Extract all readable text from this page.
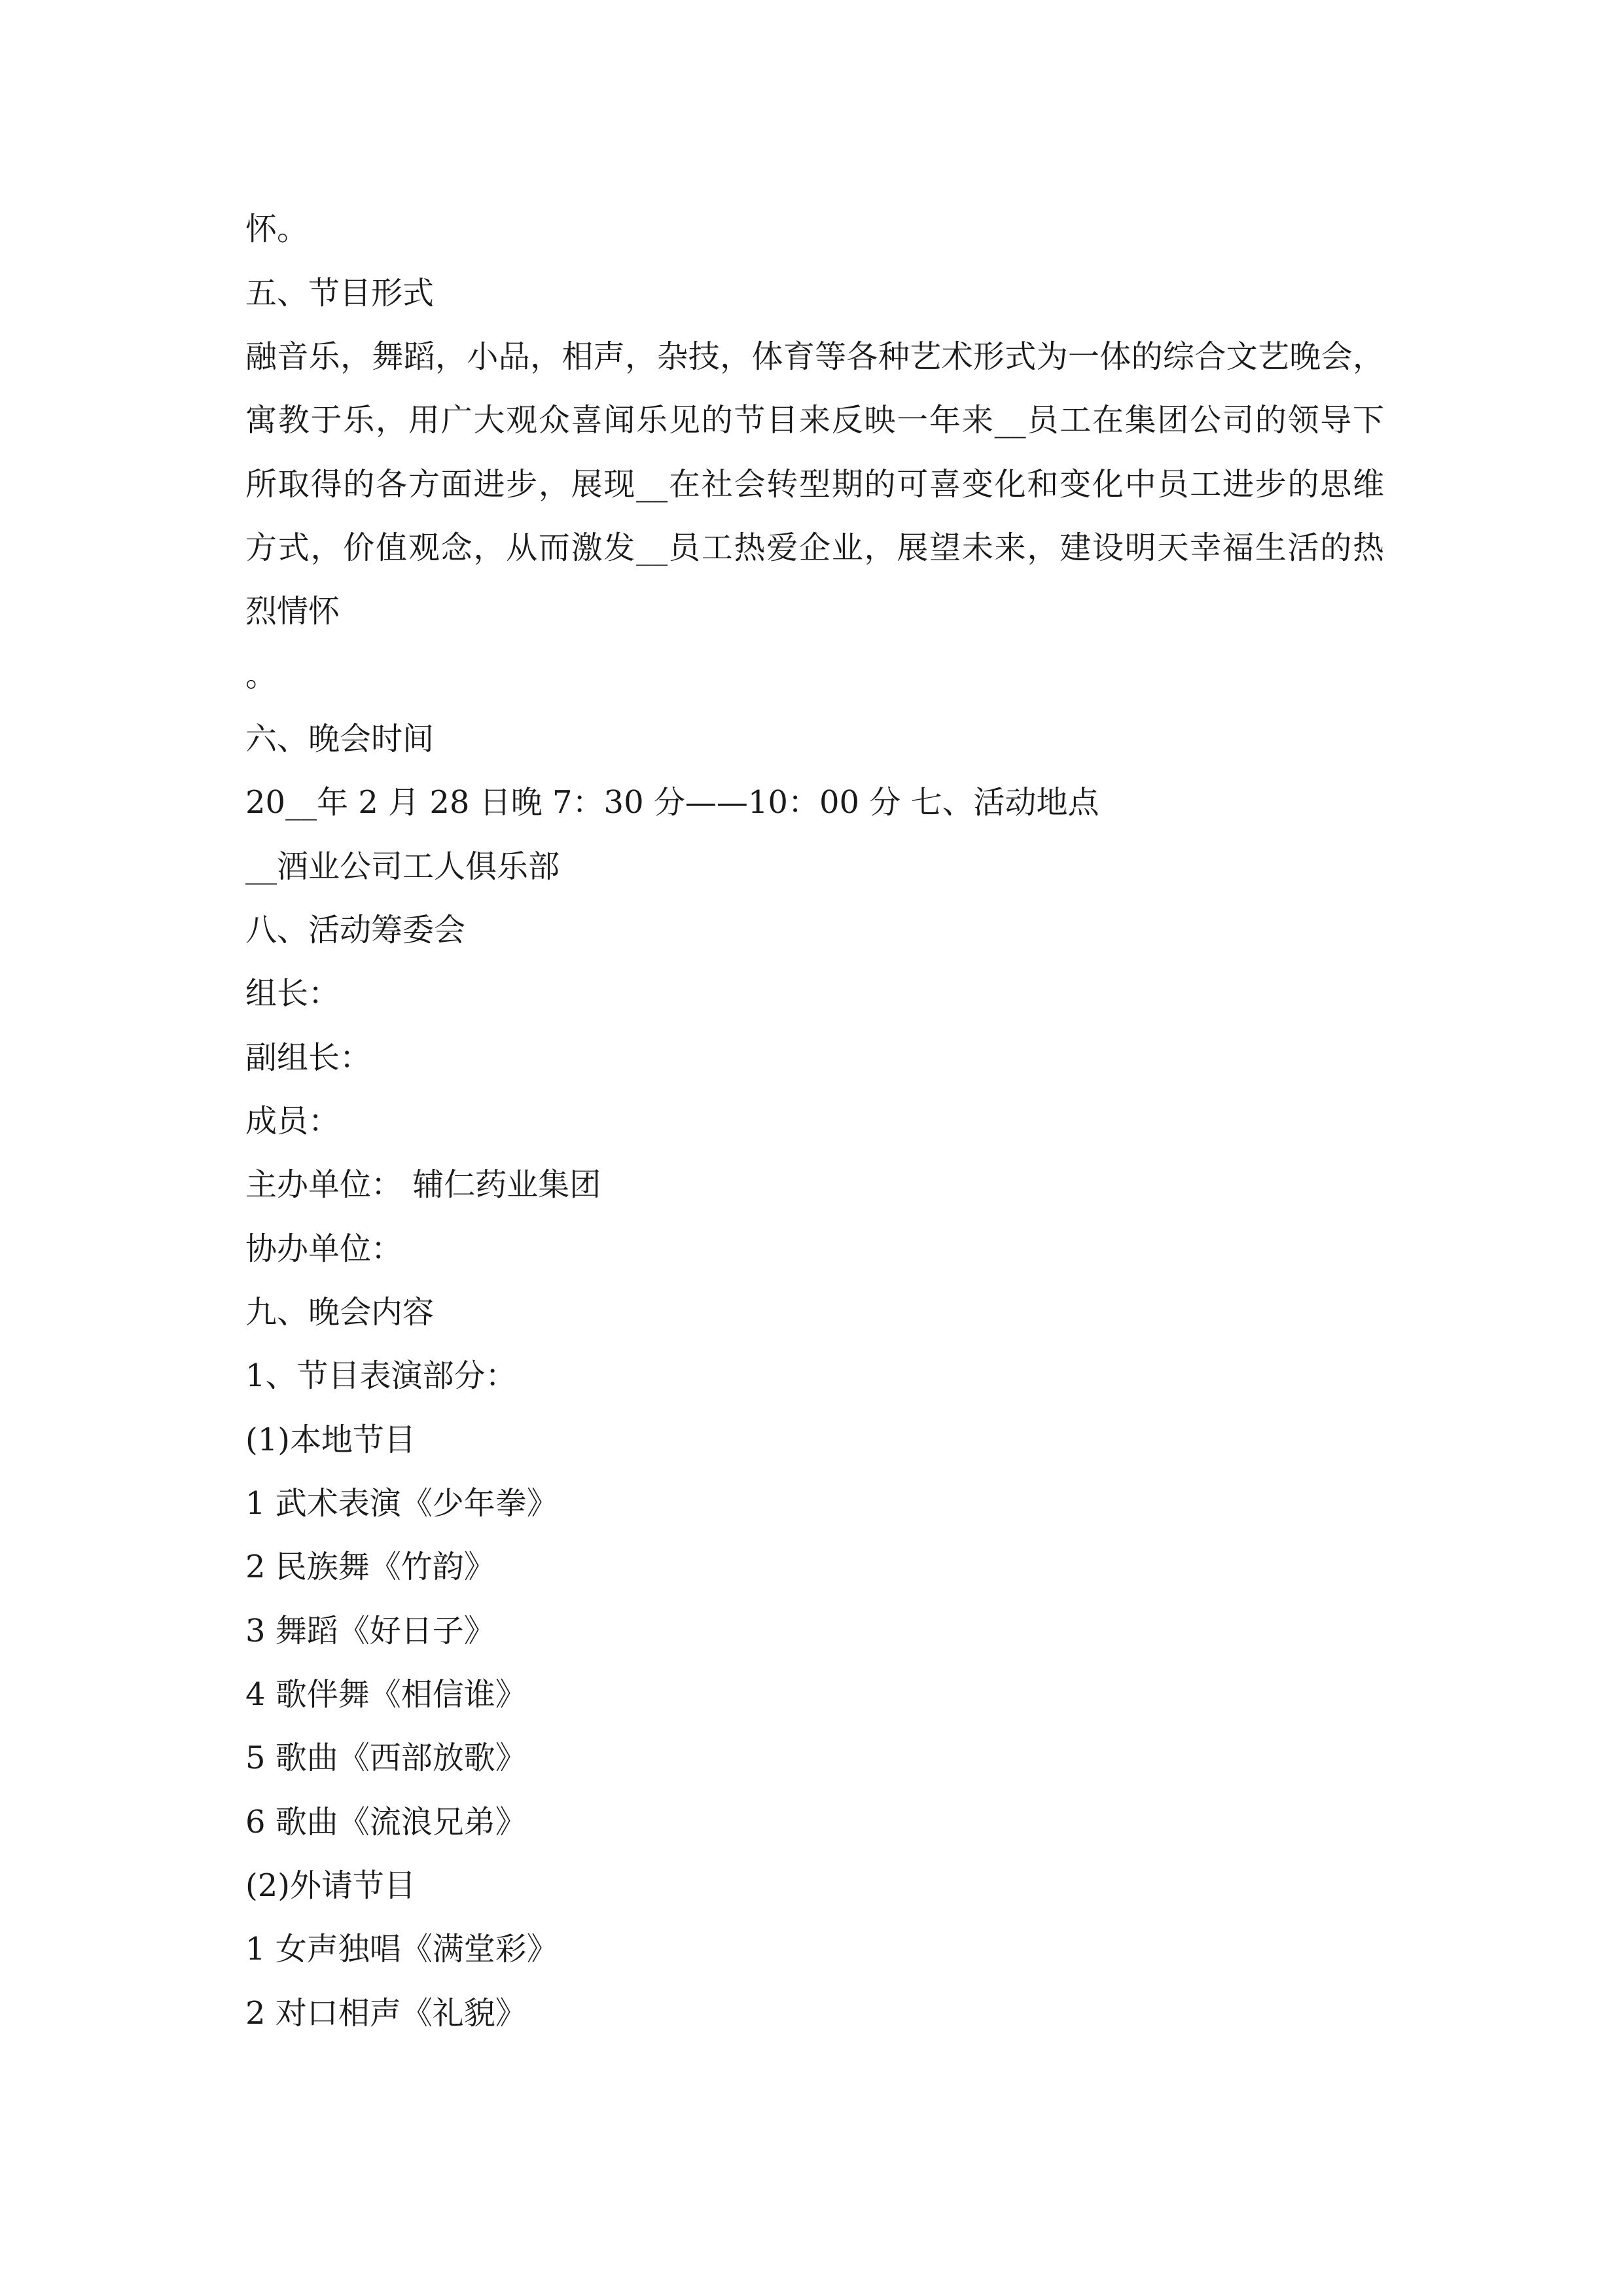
怀。
五、节目形式
融音乐，舞蹈，小品，相声，杂技，体育等各种艺术形式为一体的综合文艺晚会，
寓教于乐，用广大观众喜闻乐见的节目来反映一年来__员工在集团公司的领导下
所取得的各方面进步，展现__在社会转型期的可喜变化和变化中员工进步的思维
方式，价值观念，从而激发__员工热爱企业，展望未来，建设明天幸福生活的热
烈情怀
。
六、晚会时间
20__年 2 月 28 日晚 7：30 分——10：00 分 七、活动地点
__酒业公司工人俱乐部
八、活动筹委会
组长：
副组长：
成员：
主办单位： 辅仁药业集团
协办单位：
九、晚会内容
1、节目表演部分：
(1)本地节目
1 武术表演《少年拳》
2 民族舞《竹韵》
3 舞蹈《好日子》
4 歌伴舞《相信谁》
5 歌曲《西部放歌》
6 歌曲《流浪兄弟》
(2)外请节目
1 女声独唱《满堂彩》
2 对口相声《礼貌》
